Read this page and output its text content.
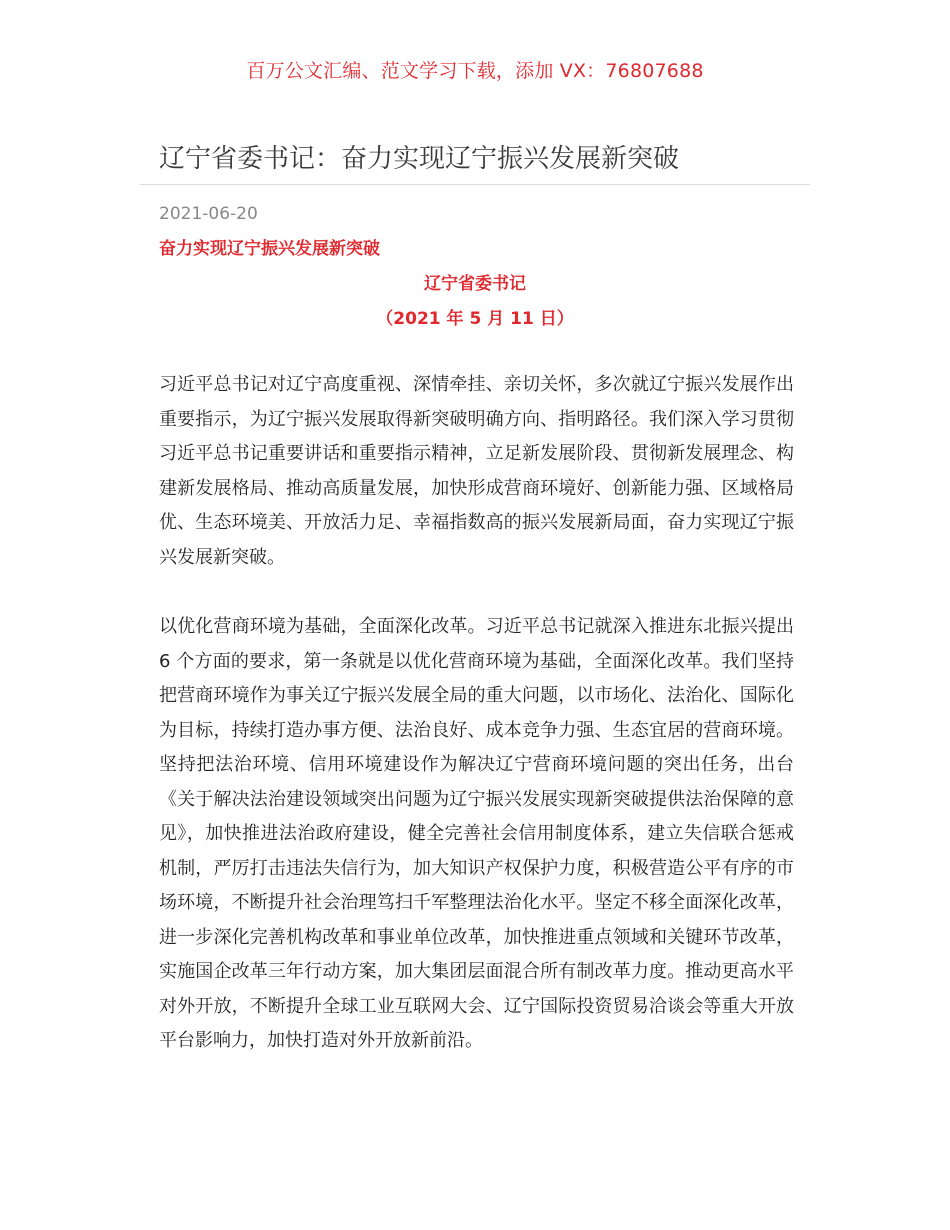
百万公文汇编、范文学习下载，添加 VX：76807688
辽宁省委书记：奋力实现辽宁振兴发展新突破
2021-06-20
奋力实现辽宁振兴发展新突破
辽宁省委书记
（2021 年 5 月 11 日）

习近平总书记对辽宁高度重视、深情牵挂、亲切关怀，多次就辽宁振兴发展作出重要指示，为辽宁振兴发展取得新突破明确方向、指明路径。我们深入学习贯彻习近平总书记重要讲话和重要指示精神，立足新发展阶段、贯彻新发展理念、构建新发展格局、推动高质量发展，加快形成营商环境好、创新能力强、区域格局优、生态环境美、开放活力足、幸福指数高的振兴发展新局面，奋力实现辽宁振兴发展新突破。

以优化营商环境为基础，全面深化改革。习近平总书记就深入推进东北振兴提出 6 个方面的要求，第一条就是以优化营商环境为基础，全面深化改革。我们坚持把营商环境作为事关辽宁振兴发展全局的重大问题，以市场化、法治化、国际化为目标，持续打造办事方便、法治良好、成本竞争力强、生态宜居的营商环境。坚持把法治环境、信用环境建设作为解决辽宁营商环境问题的突出任务，出台《关于解决法治建设领域突出问题为辽宁振兴发展实现新突破提供法治保障的意见》，加快推进法治政府建设，健全完善社会信用制度体系，建立失信联合惩戒机制，严厉打击违法失信行为，加大知识产权保护力度，积极营造公平有序的市场环境，不断提升社会治理笃扫千军整理法治化水平。坚定不移全面深化改革，进一步深化完善机构改革和事业单位改革，加快推进重点领域和关键环节改革，实施国企改革三年行动方案，加大集团层面混合所有制改革力度。推动更高水平对外开放，不断提升全球工业互联网大会、辽宁国际投资贸易洽谈会等重大开放平台影响力，加快打造对外开放新前沿。
